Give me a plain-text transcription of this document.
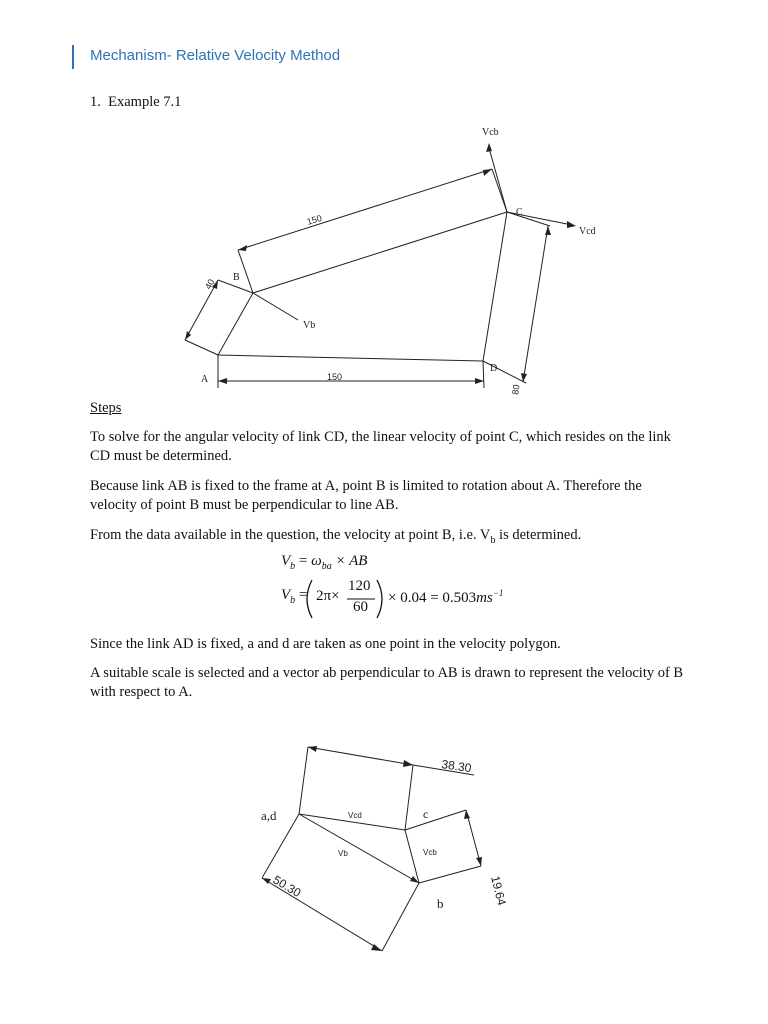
Mechanism- Relative Velocity Method
1. Example 7.1
Vcb
Vcd
Vb
A
B
C
D
150
40
150
80
Steps
To solve for the angular velocity of link CD, the linear velocity of point C, which resides on the link CD must be determined.
Because link AB is fixed to the frame at A, point B is limited to rotation about A. Therefore the velocity of point B must be perpendicular to line AB.
From the data available in the question, the velocity at point B, i.e. $V_b$ is determined.
$V_b = \omega_{ba}$ × AB
$V_b = 2\pi\times$
120
60
× $0.04 = 0.503ms^{-1}$
Since the link AD is fixed, a and d are taken as one point in the velocity polygon.
A suitable scale is selected and a vector ab perpendicular to AB is drawn to represent the velocity of B with respect to A.
a,d	c
b
Vcd
Vb	Vcb
38.30
19.64
50.30
